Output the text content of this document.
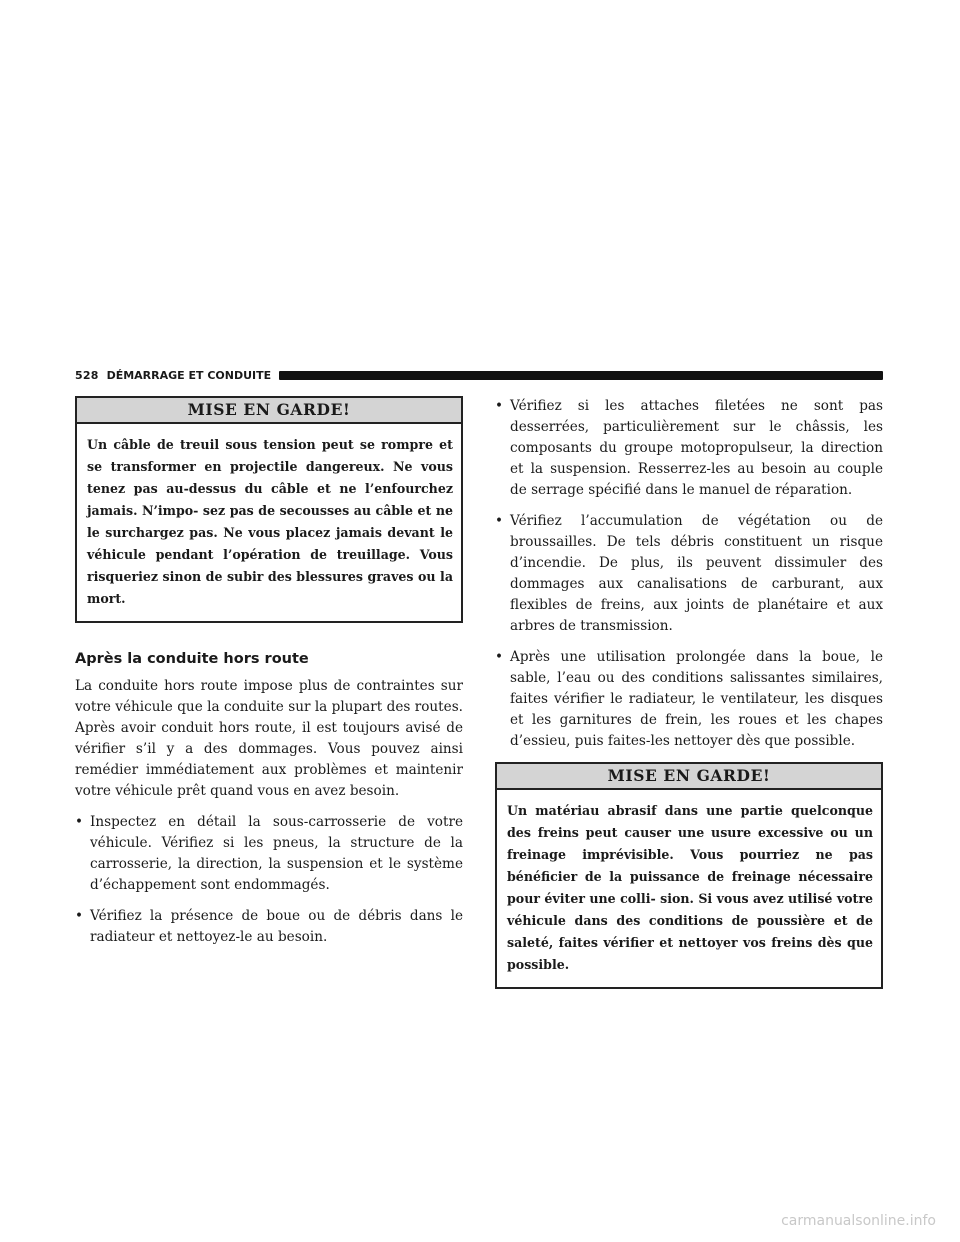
528 DÉMARRAGE ET CONDUITE
MISE EN GARDE!
Un câble de treuil sous tension peut se rompre et se transformer en projectile dangereux. Ne vous tenez pas au-dessus du câble et ne l’enfourchez jamais. N’impo- sez pas de secousses au câble et ne le surchargez pas. Ne vous placez jamais devant le véhicule pendant l’opération de treuillage. Vous risqueriez sinon de subir des blessures graves ou la mort.
Après la conduite hors route

La conduite hors route impose plus de contraintes sur votre véhicule que la conduite sur la plupart des routes. Après avoir conduit hors route, il est toujours avisé de vérifier s’il y a des dommages. Vous pouvez ainsi remédier immédiatement aux problèmes et maintenir votre véhicule prêt quand vous en avez besoin.

• Inspectez en détail la sous-carrosserie de votre véhicule. Vérifiez si les pneus, la structure de la carrosserie, la direction, la suspension et le système d’échappement sont endommagés.
• Vérifiez la présence de boue ou de débris dans le radiateur et nettoyez-le au besoin.
• Vérifiez si les attaches filetées ne sont pas desserrées, particulièrement sur le châssis, les composants du groupe motopropulseur, la direction et la suspension. Resserrez-les au besoin au couple de serrage spécifié dans le manuel de réparation.
• Vérifiez l’accumulation de végétation ou de broussailles. De tels débris constituent un risque d’incendie. De plus, ils peuvent dissimuler des dommages aux canalisations de carburant, aux flexibles de freins, aux joints de planétaire et aux arbres de transmission.
• Après une utilisation prolongée dans la boue, le sable, l’eau ou des conditions salissantes similaires, faites vérifier le radiateur, le ventilateur, les disques et les garnitures de frein, les roues et les chapes d’essieu, puis faites-les nettoyer dès que possible.
MISE EN GARDE!
Un matériau abrasif dans une partie quelconque des freins peut causer une usure excessive ou un freinage imprévisible. Vous pourriez ne pas bénéficier de la puissance de freinage nécessaire pour éviter une colli- sion. Si vous avez utilisé votre véhicule dans des conditions de poussière et de saleté, faites vérifier et nettoyer vos freins dès que possible.
carmanualsonline.info
